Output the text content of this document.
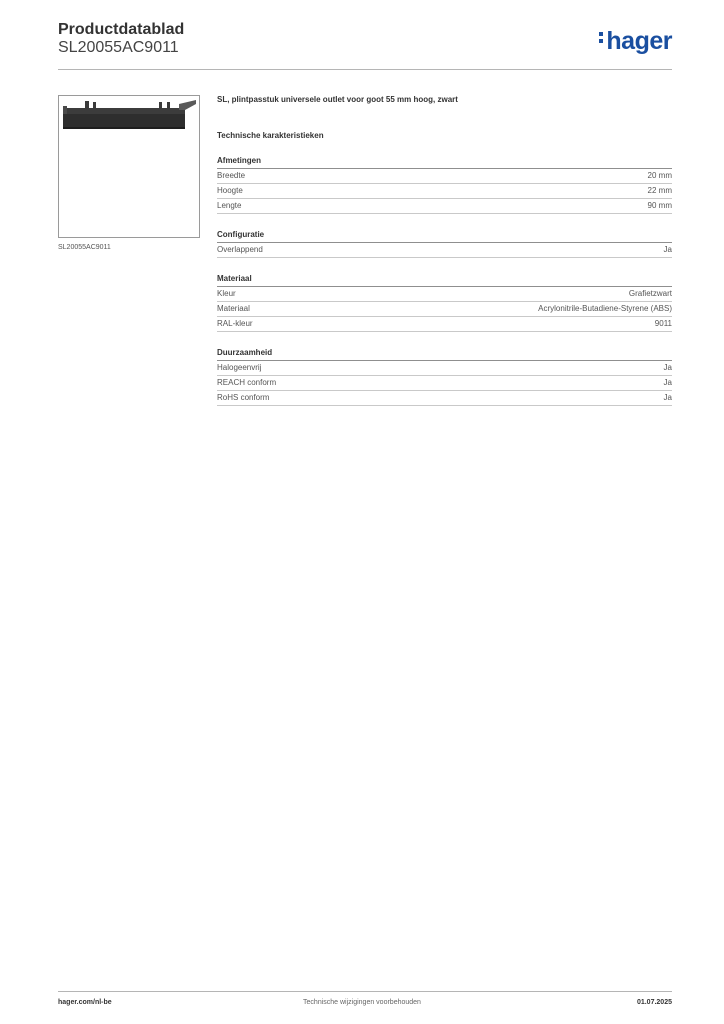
Productdatablad
SL20055AC9011	hager
SL20055AC9011
SL, plintpasstuk universele outlet voor goot 55 mm hoog, zwart
Technische karakteristieken
Afmetingen
Breedte	20 mm
Hoogte	22 mm
Lengte	90 mm
Configuratie
Overlappend	Ja
Materiaal
Kleur	Grafietzwart
Materiaal	Acrylonitrile-Butadiene-Styrene (ABS)
RAL-kleur	9011
Duurzaamheid
Halogeenvrij	Ja
REACH conform	Ja
RoHS conform	Ja
hager.com/nl-be	Technische wijzigingen voorbehouden	01.07.2025
